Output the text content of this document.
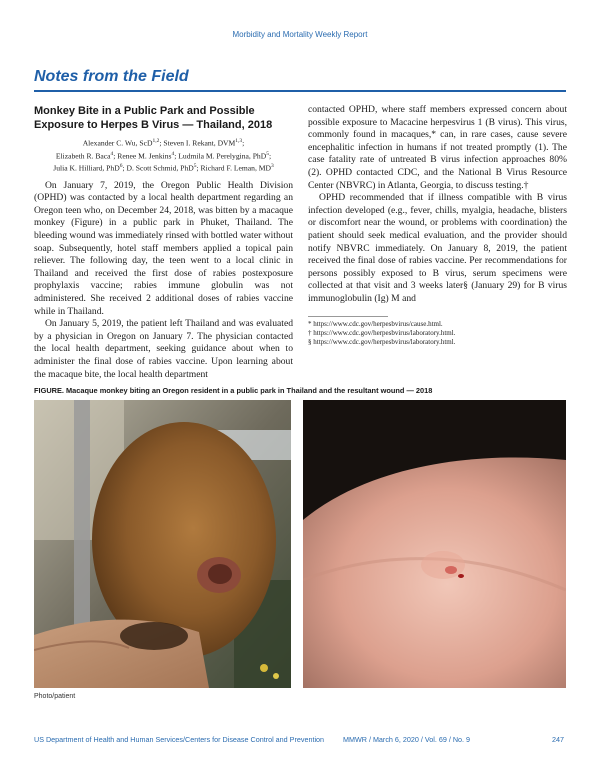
Morbidity and Mortality Weekly Report
Notes from the Field
Monkey Bite in a Public Park and Possible Exposure to Herpes B Virus — Thailand, 2018
Alexander C. Wu, ScD$^{1,2}$; Steven I. Rekant, DVM$^{1,3}$;
Elizabeth R. Baca$^4$; Renee M. Jenkins$^4$; Ludmila M. Perelygina, PhD$^5$;
Julia K. Hilliard, PhD$^6$; D. Scott Schmid, PhD$^5$; Richard F. Leman, $MD^3$

On January 7, 2019, the Oregon Public Health Division (OPHD) was contacted by a local health department regarding an Oregon teen who, on December 24, 2018, was bitten by a macaque monkey (Figure) in a public park in Phuket, Thailand. The bleeding wound was immediately rinsed with bottled water without soap. Subsequently, hotel staff members applied a topical pain reliever. The following day, the teen went to a local clinic in Thailand and received the first dose of rabies postexposure prophylaxis vaccine; rabies immune globulin was not administered. She received 2 additional doses of rabies vaccine while in Thailand.

On January 5, 2019, the patient left Thailand and was evaluated by a physician in Oregon on January 7. The physician contacted the local health department, seeking guidance about when to administer the final dose of rabies vaccine. Upon learning about the macaque bite, the local health department

contacted OPHD, where staff members expressed concern about possible exposure to Macacine herpesvirus 1 (B virus). This virus, commonly found in macaques,* can, in rare cases, cause severe encephalitic infection in humans if not treated promptly (1). The case fatality rate of untreated B virus infection approaches 80% (2). OPHD contacted CDC, and the National B Virus Resource Center (NBVRC) in Atlanta, Georgia, to discuss testing.†

OPHD recommended that if illness compatible with B virus infection developed (e.g., fever, chills, myalgia, headache, blisters or discomfort near the wound, or problems with coordination) the patient should seek medical evaluation, and the provider should notify NBVRC immediately. On January 8, 2019, the patient received the final dose of rabies vaccine. Per recommendations for persons possibly exposed to B virus, serum specimens were collected at that visit and 3 weeks later§ (January 29) for B virus immunoglobulin (Ig) M and

* https://www.cdc.gov/herpesbvirus/cause.html.
† https://www.cdc.gov/herpesbvirus/laboratory.html.
§ https://www.cdc.gov/herpesbvirus/laboratory.html.
FIGURE. Macaque monkey biting an Oregon resident in a public park in Thailand and the resultant wound — 2018
Photo/patient
US Department of Health and Human Services/Centers for Disease Control and Prevention	MMWR / March 6, 2020 / Vol. 69 / No. 9	247
